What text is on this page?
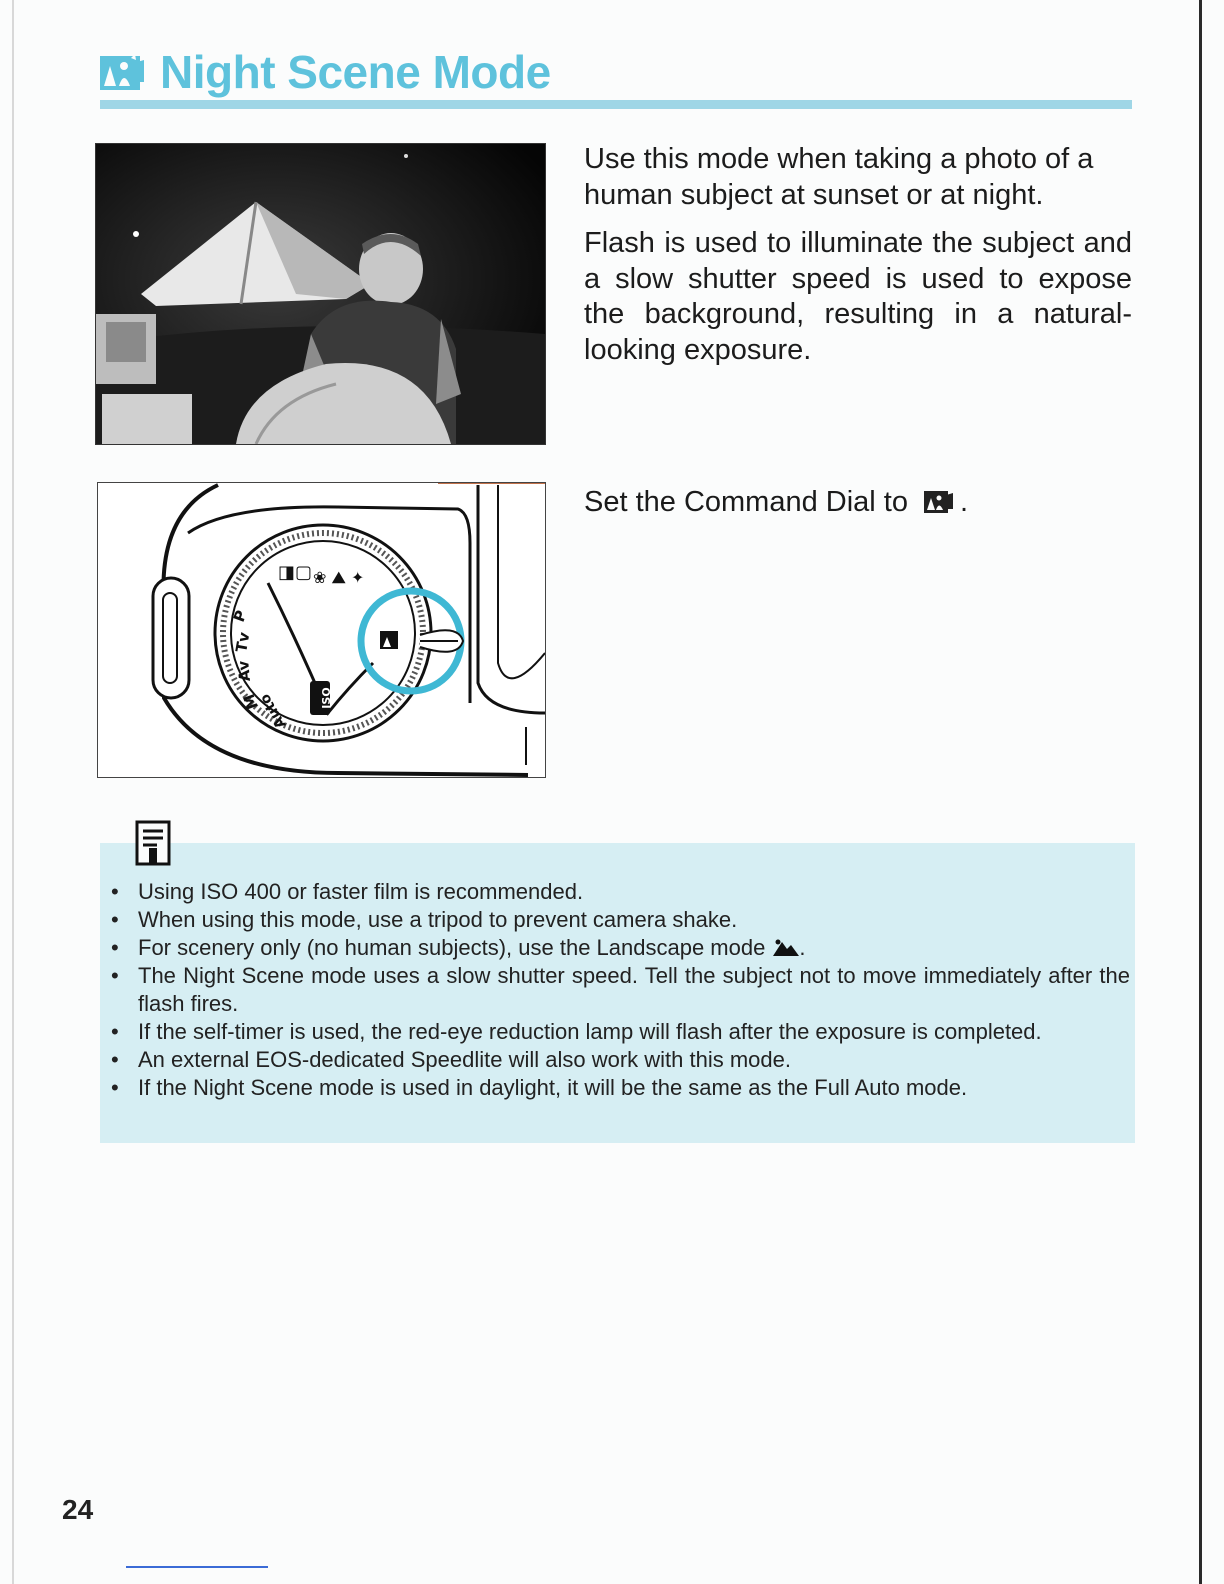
Night Scene Mode
Use this mode when taking a photo of a human subject at sunset or at night.
Flash is used to illuminate the subject and a slow shutter speed is used to expose the background, resulting in a natural-looking exposure.
◨▢ ❀ ⛰ ✦
P
Tv
Av
M
Auto	ISO
Set the Command Dial to .
• Using ISO 400 or faster film is recommended.
• When using this mode, use a tripod to prevent camera shake.
• For scenery only (no human subjects), use the Landscape mode .
• The Night Scene mode uses a slow shutter speed. Tell the subject not to move immediately after the flash fires.
• If the self-timer is used, the red-eye reduction lamp will flash after the exposure is completed.
• An external EOS-dedicated Speedlite will also work with this mode.
• If the Night Scene mode is used in daylight, it will be the same as the Full Auto mode.
24
